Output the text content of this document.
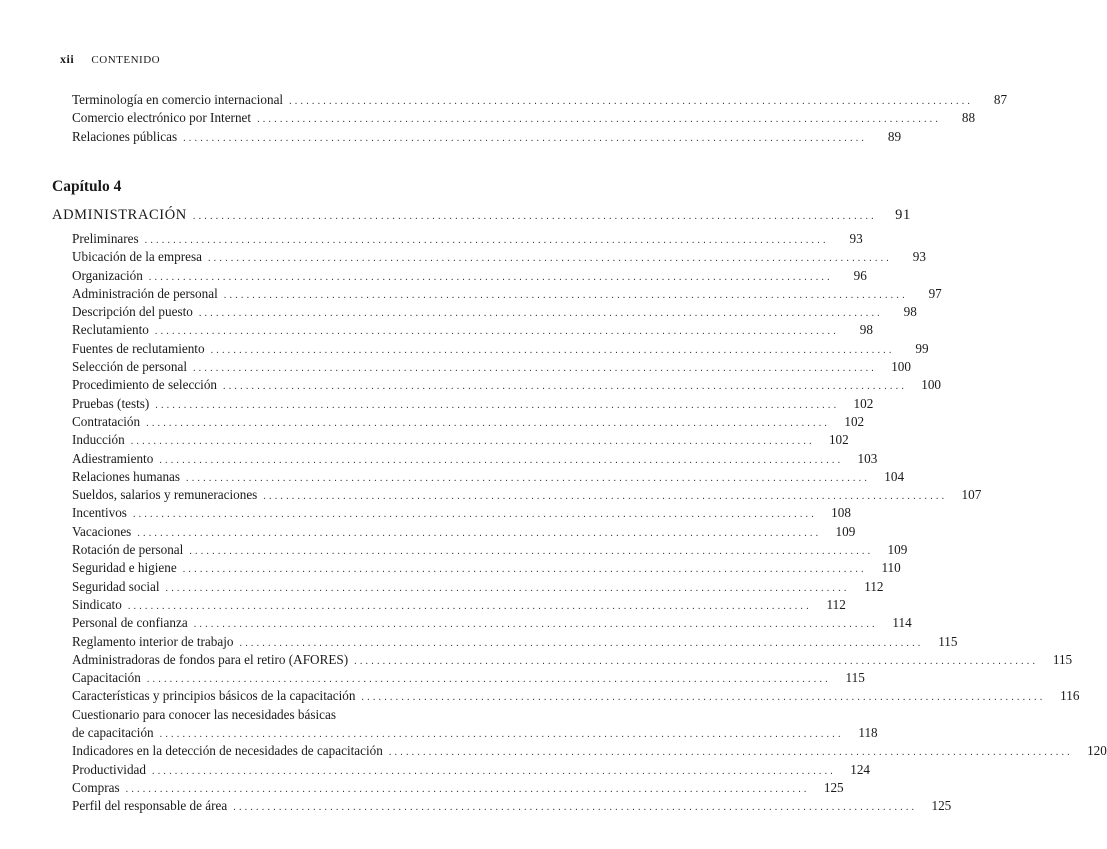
xii CONTENIDO
Terminología en comercio internacional ........................................................................................................................	87
Comercio electrónico por Internet ........................................................................................................................	88
Relaciones públicas ........................................................................................................................	89
Capítulo 4
ADMINISTRACIÓN ........................................................................................................................	91
Preliminares ........................................................................................................................	93
Ubicación de la empresa ........................................................................................................................	93
Organización ........................................................................................................................	96
Administración de personal ........................................................................................................................	97
Descripción del puesto ........................................................................................................................	98
Reclutamiento ........................................................................................................................	98
Fuentes de reclutamiento ........................................................................................................................	99
Selección de personal ........................................................................................................................	100
Procedimiento de selección ........................................................................................................................	100
Pruebas (tests) ........................................................................................................................	102
Contratación ........................................................................................................................	102
Inducción ........................................................................................................................	102
Adiestramiento ........................................................................................................................	103
Relaciones humanas ........................................................................................................................	104
Sueldos, salarios y remuneraciones ........................................................................................................................	107
Incentivos ........................................................................................................................	108
Vacaciones ........................................................................................................................	109
Rotación de personal ........................................................................................................................	109
Seguridad e higiene ........................................................................................................................	110
Seguridad social ........................................................................................................................	112
Sindicato ........................................................................................................................	112
Personal de confianza ........................................................................................................................	114
Reglamento interior de trabajo ........................................................................................................................	115
Administradoras de fondos para el retiro (AFORES) ........................................................................................................................	115
Capacitación ........................................................................................................................	115
Características y principios básicos de la capacitación ........................................................................................................................	116
Cuestionario para conocer las necesidades básicas
de capacitación ........................................................................................................................	118
Indicadores en la detección de necesidades de capacitación ........................................................................................................................	120
Productividad ........................................................................................................................	124
Compras ........................................................................................................................	125
Perfil del responsable de área ........................................................................................................................	125
